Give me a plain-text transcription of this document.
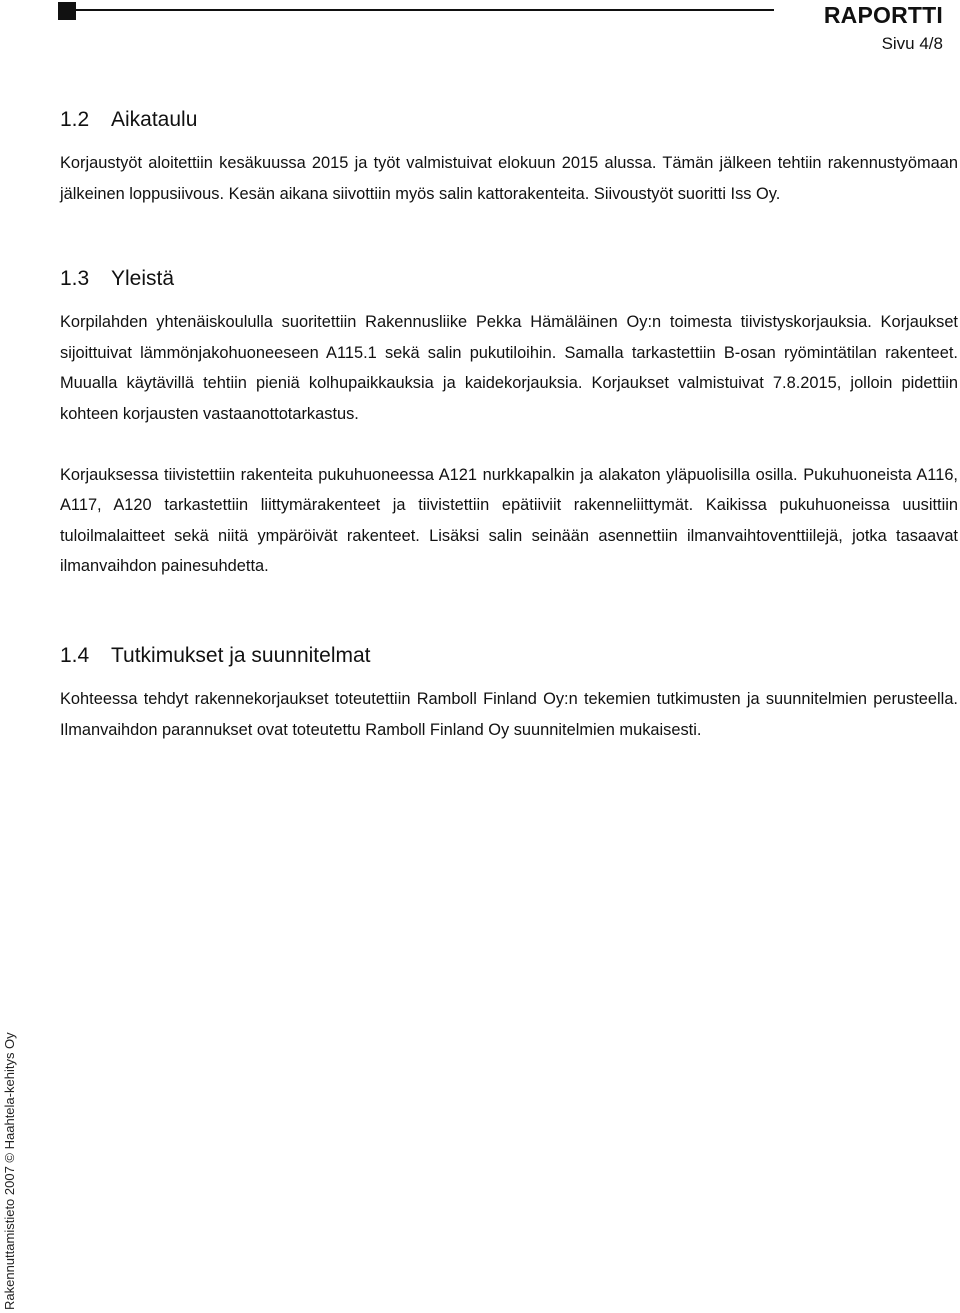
RAPORTTI
Sivu 4/8
1.2 Aikataulu

Korjaustyöt aloitettiin kesäkuussa 2015 ja työt valmistuivat elokuun 2015 alussa. Tämän jälkeen tehtiin rakennustyömaan jälkeinen loppusiivous. Kesän aikana siivottiin myös salin kattorakenteita. Siivoustyöt suoritti Iss Oy.

1.3 Yleistä

Korpilahden yhtenäiskoululla suoritettiin Rakennusliike Pekka Hämäläinen Oy:n toimesta tiivistyskorjauksia. Korjaukset sijoittuivat lämmönjakohuoneeseen A115.1 sekä salin pukutiloihin. Samalla tarkastettiin B-osan ryömintätilan rakenteet. Muualla käytävillä tehtiin pieniä kolhupaikkauksia ja kaidekorjauksia. Korjaukset valmistuivat 7.8.2015, jolloin pidettiin kohteen korjausten vastaanottotarkastus.

Korjauksessa tiivistettiin rakenteita pukuhuoneessa A121 nurkkapalkin ja alakaton yläpuolisilla osilla. Pukuhuoneista A116, A117, A120 tarkastettiin liittymärakenteet ja tiivistettiin epätiiviit rakenneliittymät. Kaikissa pukuhuoneissa uusittiin tuloilmalaitteet sekä niitä ympäröivät rakenteet. Lisäksi salin seinään asennettiin ilmanvaihtoventtiilejä, jotka tasaavat ilmanvaihdon painesuhdetta.

1.4 Tutkimukset ja suunnitelmat

Kohteessa tehdyt rakennekorjaukset toteutettiin Ramboll Finland Oy:n tekemien tutkimusten ja suunnitelmien perusteella. Ilmanvaihdon parannukset ovat toteutettu Ramboll Finland Oy suunnitelmien mukaisesti.

Rakennuttamistieto 2007 © Haahtela-kehitys Oy
